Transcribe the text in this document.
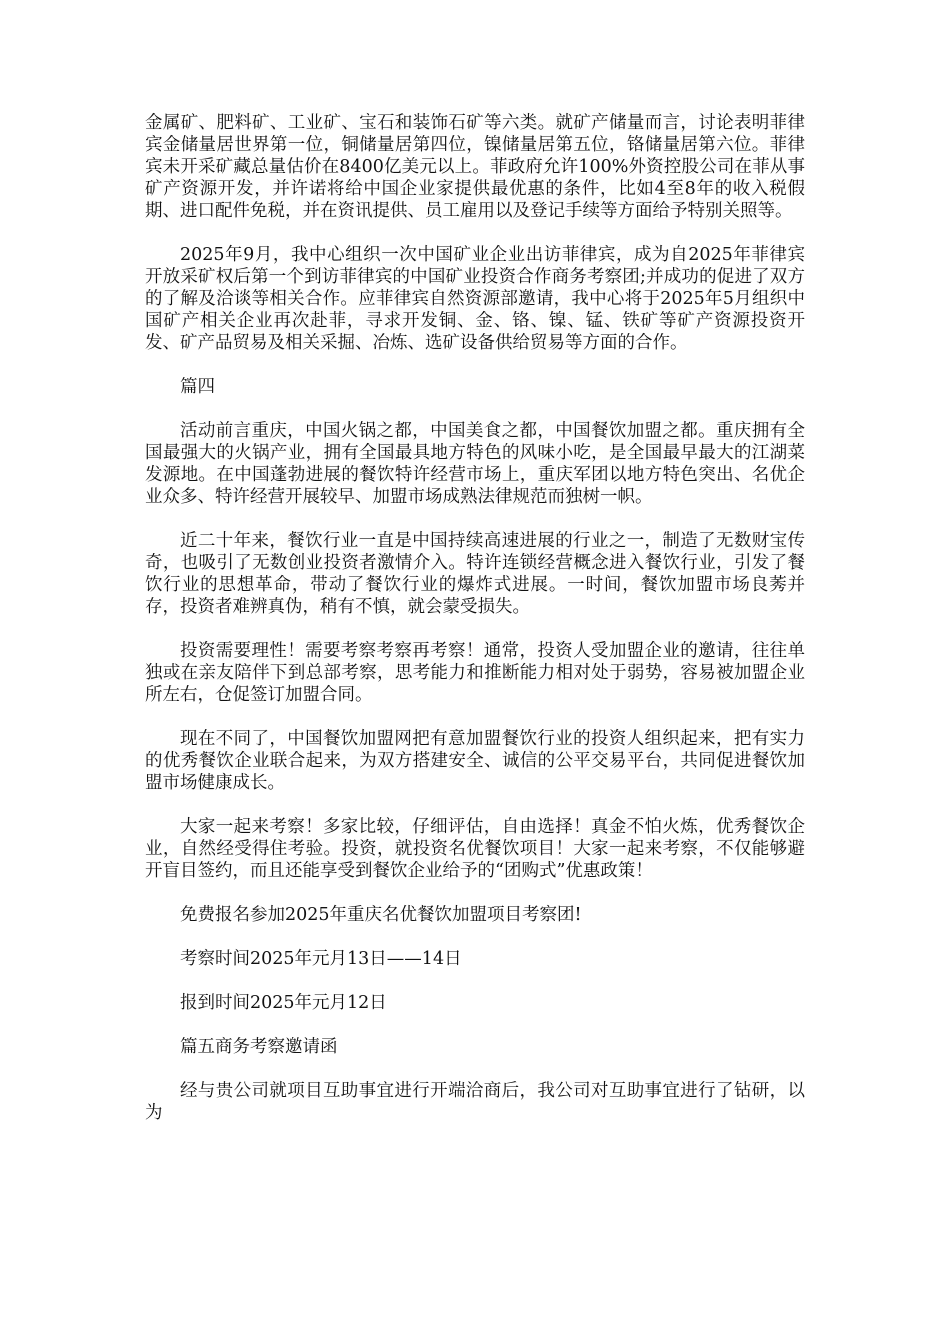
金属矿、肥料矿、工业矿、宝石和装饰石矿等六类。就矿产储量而言，讨论表明菲律宾金储量居世界第一位，铜储量居第四位，镍储量居第五位，铬储量居第六位。菲律宾未开采矿藏总量估价在8400亿美元以上。菲政府允许100%外资控股公司在菲从事矿产资源开发，并许诺将给中国企业家提供最优惠的条件，比如4至8年的收入税假期、进口配件免税，并在资讯提供、员工雇用以及登记手续等方面给予特别关照等。

2025年9月，我中心组织一次中国矿业企业出访菲律宾，成为自2025年菲律宾开放采矿权后第一个到访菲律宾的中国矿业投资合作商务考察团;并成功的促进了双方的了解及洽谈等相关合作。应菲律宾自然资源部邀请，我中心将于2025年5月组织中国矿产相关企业再次赴菲，寻求开发铜、金、铬、镍、锰、铁矿等矿产资源投资开发、矿产品贸易及相关采掘、冶炼、选矿设备供给贸易等方面的合作。

篇四

活动前言重庆，中国火锅之都，中国美食之都，中国餐饮加盟之都。重庆拥有全国最强大的火锅产业，拥有全国最具地方特色的风味小吃，是全国最早最大的江湖菜发源地。在中国蓬勃进展的餐饮特许经营市场上，重庆军团以地方特色突出、名优企业众多、特许经营开展较早、加盟市场成熟法律规范而独树一帜。

近二十年来，餐饮行业一直是中国持续高速进展的行业之一，制造了无数财宝传奇，也吸引了无数创业投资者激情介入。特许连锁经营概念进入餐饮行业，引发了餐饮行业的思想革命，带动了餐饮行业的爆炸式进展。一时间，餐饮加盟市场良莠并存，投资者难辨真伪，稍有不慎，就会蒙受损失。

投资需要理性！需要考察考察再考察！通常，投资人受加盟企业的邀请，往往单独或在亲友陪伴下到总部考察，思考能力和推断能力相对处于弱势，容易被加盟企业所左右，仓促签订加盟合同。

现在不同了，中国餐饮加盟网把有意加盟餐饮行业的投资人组织起来，把有实力的优秀餐饮企业联合起来，为双方搭建安全、诚信的公平交易平台，共同促进餐饮加盟市场健康成长。

大家一起来考察！多家比较，仔细评估，自由选择！真金不怕火炼，优秀餐饮企业，自然经受得住考验。投资，就投资名优餐饮项目！大家一起来考察，不仅能够避开盲目签约，而且还能享受到餐饮企业给予的“团购式”优惠政策！

免费报名参加2025年重庆名优餐饮加盟项目考察团!

考察时间2025年元月13日——14日

报到时间2025年元月12日

篇五商务考察邀请函

经与贵公司就项目互助事宜进行开端洽商后，我公司对互助事宜进行了钻研，以为
